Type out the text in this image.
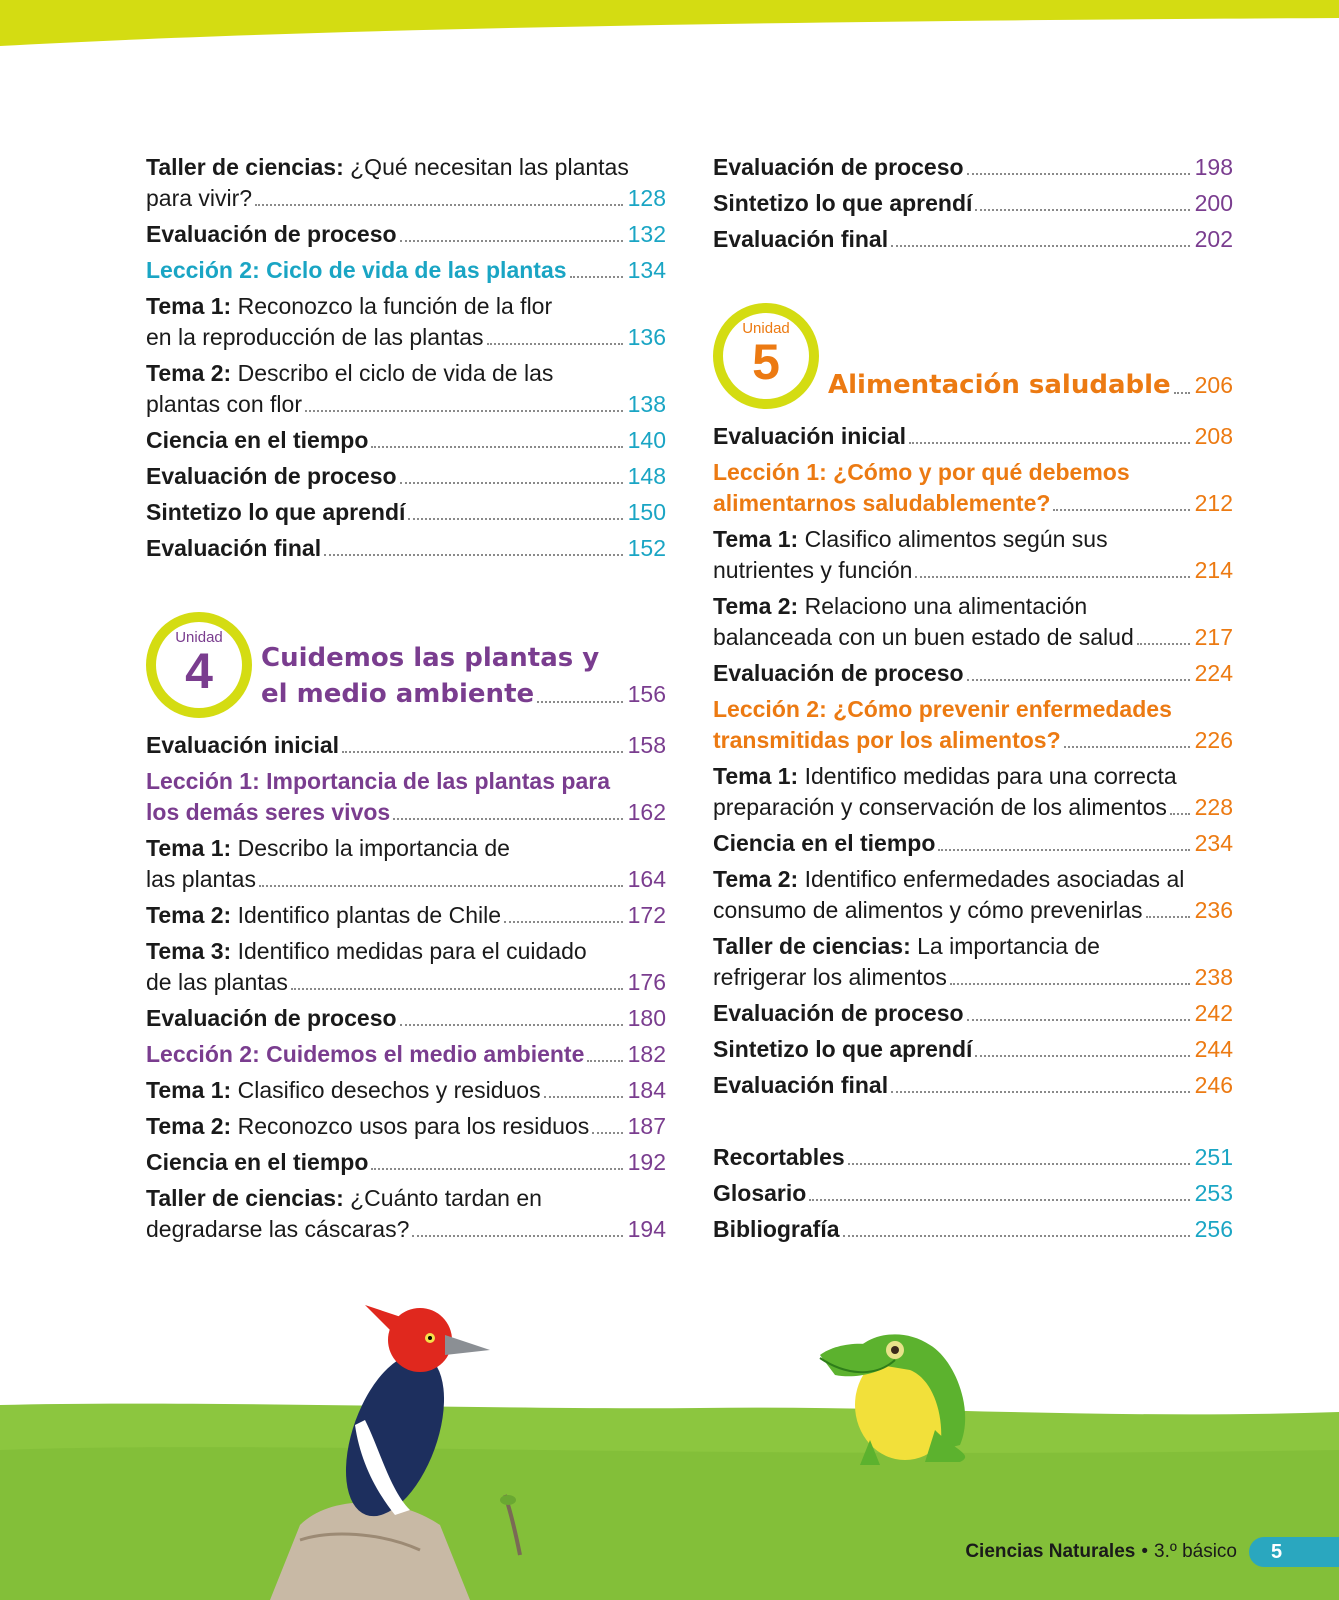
Taller de ciencias: ¿Qué necesitan las plantas
para vivir?	128
Evaluación de proceso	132
Lección 2: Ciclo de vida de las plantas	134
Tema 1: Reconozco la función de la flor
en la reproducción de las plantas	136
Tema 2: Describo el ciclo de vida de las
plantas con flor	138
Ciencia en el tiempo	140
Evaluación de proceso	148
Sintetizo lo que aprendí	150
Evaluación final	152
Unidad
4	Cuidemos las plantas y
el medio ambiente	156
Evaluación inicial	158
Lección 1: Importancia de las plantas para
los demás seres vivos	162
Tema 1: Describo la importancia de
las plantas	164
Tema 2: Identifico plantas de Chile	172
Tema 3: Identifico medidas para el cuidado
de las plantas	176
Evaluación de proceso	180
Lección 2: Cuidemos el medio ambiente 182
Tema 1: Clasifico desechos y residuos	184
Tema 2: Reconozco usos para los residuos 187
Ciencia en el tiempo	192
Taller de ciencias: ¿Cuánto tardan en
degradarse las cáscaras?	194
Evaluación de proceso	198
Sintetizo lo que aprendí	200
Evaluación final	202
Unidad
5	Alimentación saludable 206
Evaluación inicial	208
Lección 1: ¿Cómo y por qué debemos
alimentarnos saludablemente?	212
Tema 1: Clasifico alimentos según sus
nutrientes y función	214
Tema 2: Relaciono una alimentación
balanceada con un buen estado de salud	217
Evaluación de proceso	224
Lección 2: ¿Cómo prevenir enfermedades
transmitidas por los alimentos?	226
Tema 1: Identifico medidas para una correcta
preparación y conservación de los alimentos 228
Ciencia en el tiempo	234
Tema 2: Identifico enfermedades asociadas al
consumo de alimentos y cómo prevenirlas 236
Taller de ciencias: La importancia de
refrigerar los alimentos	238
Evaluación de proceso	242
Sintetizo lo que aprendí	244
Evaluación final	246
Recortables	251
Glosario	253
Bibliografía	256
Ciencias Naturales • 3.º básico	5
